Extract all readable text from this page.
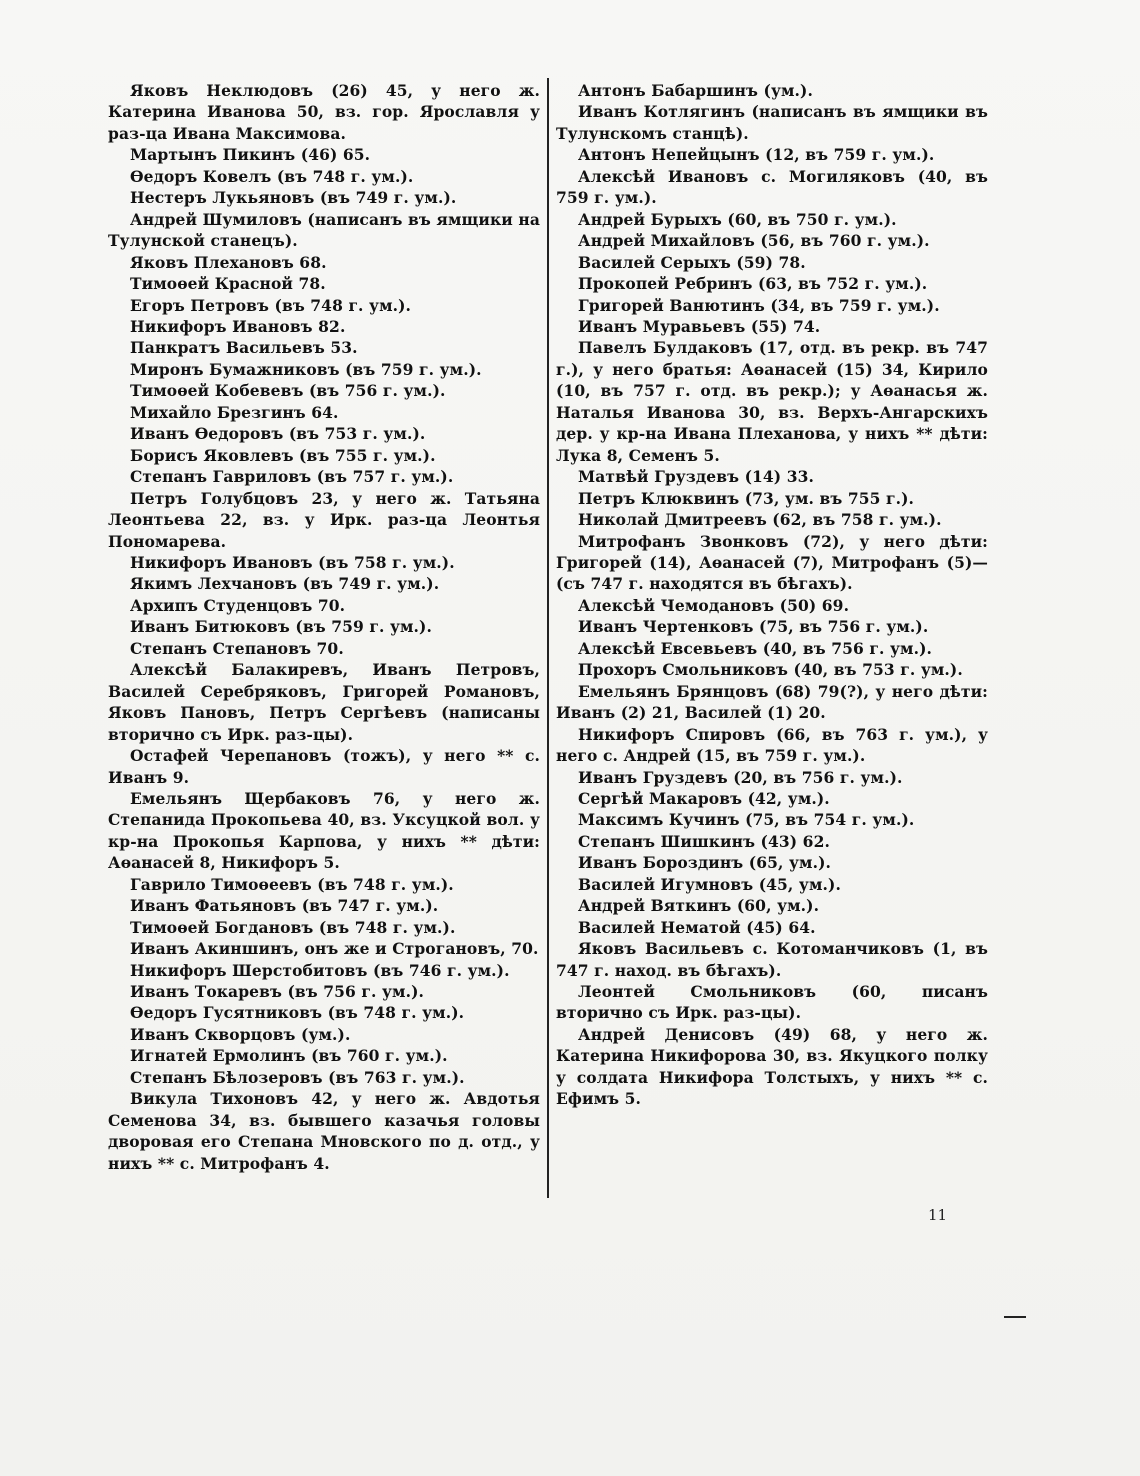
Яковъ Неклюдовъ (26) 45, у него ж. Катерина Иванова 50, вз. гор. Ярославля у раз-ца Ивана Максимова.

Мартынъ Пикинъ (46) 65.

Өедоръ Ковелъ (въ 748 г. ум.).

Нестеръ Лукьяновъ (въ 749 г. ум.).

Андрей Шумиловъ (написанъ въ ямщики на Тулунской станецъ).

Яковъ Плехановъ 68.

Тимоөей Красной 78.

Егоръ Петровъ (въ 748 г. ум.).

Никифоръ Ивановъ 82.

Панкратъ Васильевъ 53.

Миронъ Бумажниковъ (въ 759 г. ум.).

Тимоөей Кобевевъ (въ 756 г. ум.).

Михайло Брезгинъ 64.

Иванъ Өедоровъ (въ 753 г. ум.).

Борисъ Яковлевъ (въ 755 г. ум.).

Степанъ Гавриловъ (въ 757 г. ум.).

Петръ Голубцовъ 23, у него ж. Татьяна Леонтьева 22, вз. у Ирк. раз-ца Леонтья Пономарева.

Никифоръ Ивановъ (въ 758 г. ум.).

Якимъ Лехчановъ (въ 749 г. ум.).

Архипъ Студенцовъ 70.

Иванъ Битюковъ (въ 759 г. ум.).

Степанъ Степановъ 70.

Алексѣй Балакиревъ, Иванъ Петровъ, Василей Серебряковъ, Григорей Романовъ, Яковъ Пановъ, Петръ Сергѣевъ (написаны вторично съ Ирк. раз-цы).

Остафей Черепановъ (тожъ), у него ** с. Иванъ 9.

Емельянъ Щербаковъ 76, у него ж. Степанида Прокопьева 40, вз. Уксуцкой вол. у кр-на Прокопья Карпова, у нихъ ** дѣти: Аөанасей 8, Никифоръ 5.

Гаврило Тимоөеевъ (въ 748 г. ум.).

Иванъ Фатьяновъ (въ 747 г. ум.).

Тимоөей Богдановъ (въ 748 г. ум.).

Иванъ Акиншинъ, онъ же и Строгановъ, 70.

Никифоръ Шерстобитовъ (въ 746 г. ум.).

Иванъ Токаревъ (въ 756 г. ум.).

Өедоръ Гусятниковъ (въ 748 г. ум.).

Иванъ Скворцовъ (ум.).

Игнатей Ермолинъ (въ 760 г. ум.).

Степанъ Бѣлозеровъ (въ 763 г. ум.).

Викула Тихоновъ 42, у него ж. Авдотья Семенова 34, вз. бывшего казачья головы дворовая его Степана Мновского по д. отд., у нихъ ** с. Митрофанъ 4.

Антонъ Бабаршинъ (ум.).

Иванъ Котлягинъ (написанъ въ ямщики въ Тулунскомъ станцѣ).

Антонъ Непейцынъ (12, въ 759 г. ум.).

Алексѣй Ивановъ с. Могиляковъ (40, въ 759 г. ум.).

Андрей Бурыхъ (60, въ 750 г. ум.).

Андрей Михайловъ (56, въ 760 г. ум.).

Василей Серыхъ (59) 78.

Прокопей Ребринъ (63, въ 752 г. ум.).

Григорей Ванютинъ (34, въ 759 г. ум.).

Иванъ Муравьевъ (55) 74.

Павелъ Булдаковъ (17, отд. въ рекр. въ 747 г.), у него братья: Аөанасей (15) 34, Кирило (10, въ 757 г. отд. въ рекр.); у Аөанасья ж. Наталья Иванова 30, вз. Верхъ-Ангарскихъ дер. у кр-на Ивана Плеханова, у нихъ ** дѣти: Лука 8, Семенъ 5.

Матвѣй Груздевъ (14) 33.

Петръ Клюквинъ (73, ум. въ 755 г.).

Николай Дмитреевъ (62, въ 758 г. ум.).

Митрофанъ Звонковъ (72), у него дѣти: Григорей (14), Аөанасей (7), Митрофанъ (5)—(съ 747 г. находятся въ бѣгахъ).

Алексѣй Чемодановъ (50) 69.

Иванъ Чертенковъ (75, въ 756 г. ум.).

Алексѣй Евсевьевъ (40, въ 756 г. ум.).

Прохоръ Смольниковъ (40, въ 753 г. ум.).

Емельянъ Брянцовъ (68) 79(?), у него дѣти: Иванъ (2) 21, Василей (1) 20.

Никифоръ Спировъ (66, въ 763 г. ум.), у него с. Андрей (15, въ 759 г. ум.).

Иванъ Груздевъ (20, въ 756 г. ум.).

Сергѣй Макаровъ (42, ум.).

Максимъ Кучинъ (75, въ 754 г. ум.).

Степанъ Шишкинъ (43) 62.

Иванъ Бороздинъ (65, ум.).

Василей Игумновъ (45, ум.).

Андрей Вяткинъ (60, ум.).

Василей Нематой (45) 64.

Яковъ Васильевъ с. Котоманчиковъ (1, въ 747 г. наход. въ бѣгахъ).

Леонтей Смольниковъ (60, писанъ вторично съ Ирк. раз-цы).

Андрей Денисовъ (49) 68, у него ж. Катерина Никифорова 30, вз. Якуцкого полку у солдата Никифора Толстыхъ, у нихъ ** с. Ефимъ 5.

11
